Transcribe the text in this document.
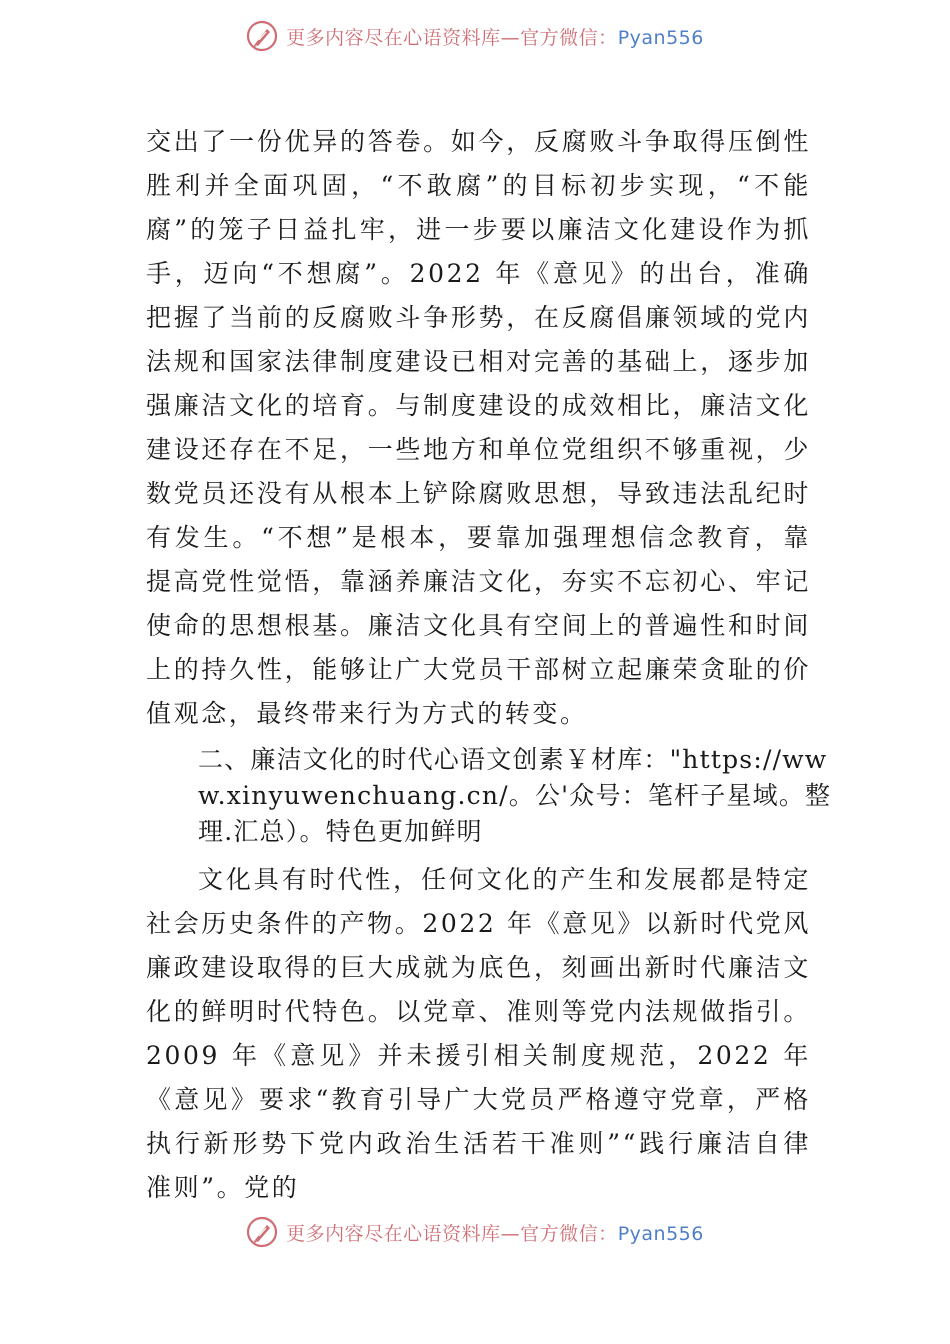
更多内容尽在心语资料库—官方微信：Pyan556

交出了一份优异的答卷。如今，反腐败斗争取得压倒性胜利并全面巩固，“不敢腐”的目标初步实现，“不能腐”的笼子日益扎牢，进一步要以廉洁文化建设作为抓手，迈向“不想腐”。2022 年《意见》的出台，准确把握了当前的反腐败斗争形势，在反腐倡廉领域的党内法规和国家法律制度建设已相对完善的基础上，逐步加强廉洁文化的培育。与制度建设的成效相比，廉洁文化建设还存在不足，一些地方和单位党组织不够重视，少数党员还没有从根本上铲除腐败思想，导致违法乱纪时有发生。“不想”是根本，要靠加强理想信念教育，靠提高党性觉悟，靠涵养廉洁文化，夯实不忘初心、牢记使命的思想根基。廉洁文化具有空间上的普遍性和时间上的持久性，能够让广大党员干部树立起廉荣贪耻的价值观念，最终带来行为方式的转变。

二、廉洁文化的时代心语文创素￥材库："https://www.xinyuwenchuang.cn/。公'众号：笔杆子星域。整理.汇总）。特色更加鲜明

文化具有时代性，任何文化的产生和发展都是特定社会历史条件的产物。2022 年《意见》以新时代党风廉政建设取得的巨大成就为底色，刻画出新时代廉洁文化的鲜明时代特色。以党章、准则等党内法规做指引。2009 年《意见》并未援引相关制度规范，2022 年《意见》要求“教育引导广大党员严格遵守党章，严格执行新形势下党内政治生活若干准则”“践行廉洁自律准则”。党的

更多内容尽在心语资料库—官方微信：Pyan556
